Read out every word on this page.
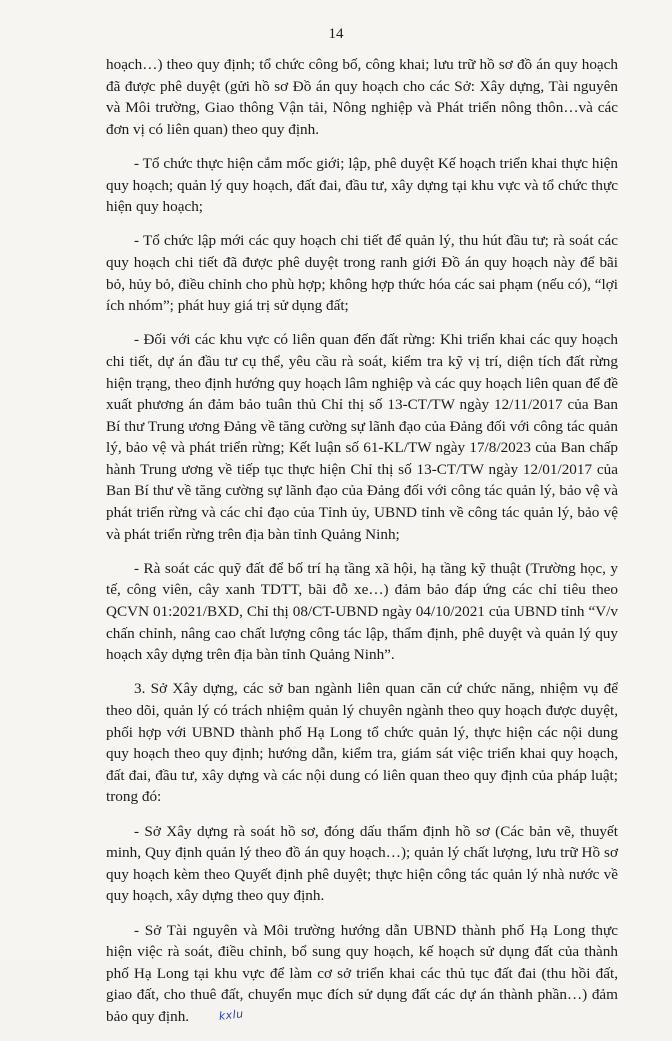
14

hoạch…) theo quy định; tổ chức công bố, công khai; lưu trữ hồ sơ đồ án quy hoạch đã được phê duyệt (gửi hồ sơ Đồ án quy hoạch cho các Sở: Xây dựng, Tài nguyên và Môi trường, Giao thông Vận tải, Nông nghiệp và Phát triển nông thôn…và các đơn vị có liên quan) theo quy định.

- Tổ chức thực hiện cắm mốc giới; lập, phê duyệt Kế hoạch triển khai thực hiện quy hoạch; quản lý quy hoạch, đất đai, đầu tư, xây dựng tại khu vực và tổ chức thực hiện quy hoạch;

- Tổ chức lập mới các quy hoạch chi tiết để quản lý, thu hút đầu tư; rà soát các quy hoạch chi tiết đã được phê duyệt trong ranh giới Đồ án quy hoạch này để bãi bỏ, hủy bỏ, điều chỉnh cho phù hợp; không hợp thức hóa các sai phạm (nếu có), “lợi ích nhóm”; phát huy giá trị sử dụng đất;

- Đối với các khu vực có liên quan đến đất rừng: Khi triển khai các quy hoạch chi tiết, dự án đầu tư cụ thể, yêu cầu rà soát, kiểm tra kỹ vị trí, diện tích đất rừng hiện trạng, theo định hướng quy hoạch lâm nghiệp và các quy hoạch liên quan để đề xuất phương án đảm bảo tuân thủ Chỉ thị số 13-CT/TW ngày 12/11/2017 của Ban Bí thư Trung ương Đảng về tăng cường sự lãnh đạo của Đảng đối với công tác quản lý, bảo vệ và phát triển rừng; Kết luận số 61-KL/TW ngày 17/8/2023 của Ban chấp hành Trung ương về tiếp tục thực hiện Chỉ thị số 13-CT/TW ngày 12/01/2017 của Ban Bí thư về tăng cường sự lãnh đạo của Đảng đối với công tác quản lý, bảo vệ và phát triển rừng và các chỉ đạo của Tỉnh ủy, UBND tỉnh về công tác quản lý, bảo vệ và phát triển rừng trên địa bàn tỉnh Quảng Ninh;

- Rà soát các quỹ đất để bố trí hạ tầng xã hội, hạ tầng kỹ thuật (Trường học, y tế, công viên, cây xanh TDTT, bãi đỗ xe…) đảm bảo đáp ứng các chỉ tiêu theo QCVN 01:2021/BXD, Chỉ thị 08/CT-UBND ngày 04/10/2021 của UBND tỉnh “V/v chấn chỉnh, nâng cao chất lượng công tác lập, thẩm định, phê duyệt và quản lý quy hoạch xây dựng trên địa bàn tỉnh Quảng Ninh”.

3. Sở Xây dựng, các sở ban ngành liên quan căn cứ chức năng, nhiệm vụ để theo dõi, quản lý có trách nhiệm quản lý chuyên ngành theo quy hoạch được duyệt, phối hợp với UBND thành phố Hạ Long tổ chức quản lý, thực hiện các nội dung quy hoạch theo quy định; hướng dẫn, kiểm tra, giám sát việc triển khai quy hoạch, đất đai, đầu tư, xây dựng và các nội dung có liên quan theo quy định của pháp luật; trong đó:

- Sở Xây dựng rà soát hồ sơ, đóng dấu thẩm định hồ sơ (Các bản vẽ, thuyết minh, Quy định quản lý theo đồ án quy hoạch…); quản lý chất lượng, lưu trữ Hồ sơ quy hoạch kèm theo Quyết định phê duyệt; thực hiện công tác quản lý nhà nước về quy hoạch, xây dựng theo quy định.

- Sở Tài nguyên và Môi trường hướng dẫn UBND thành phố Hạ Long thực hiện việc rà soát, điều chỉnh, bổ sung quy hoạch, kế hoạch sử dụng đất của thành phố Hạ Long tại khu vực để làm cơ sở triển khai các thủ tục đất đai (thu hồi đất, giao đất, cho thuê đất, chuyển mục đích sử dụng đất các dự án thành phần…) đảm bảo quy định.	kxlu
